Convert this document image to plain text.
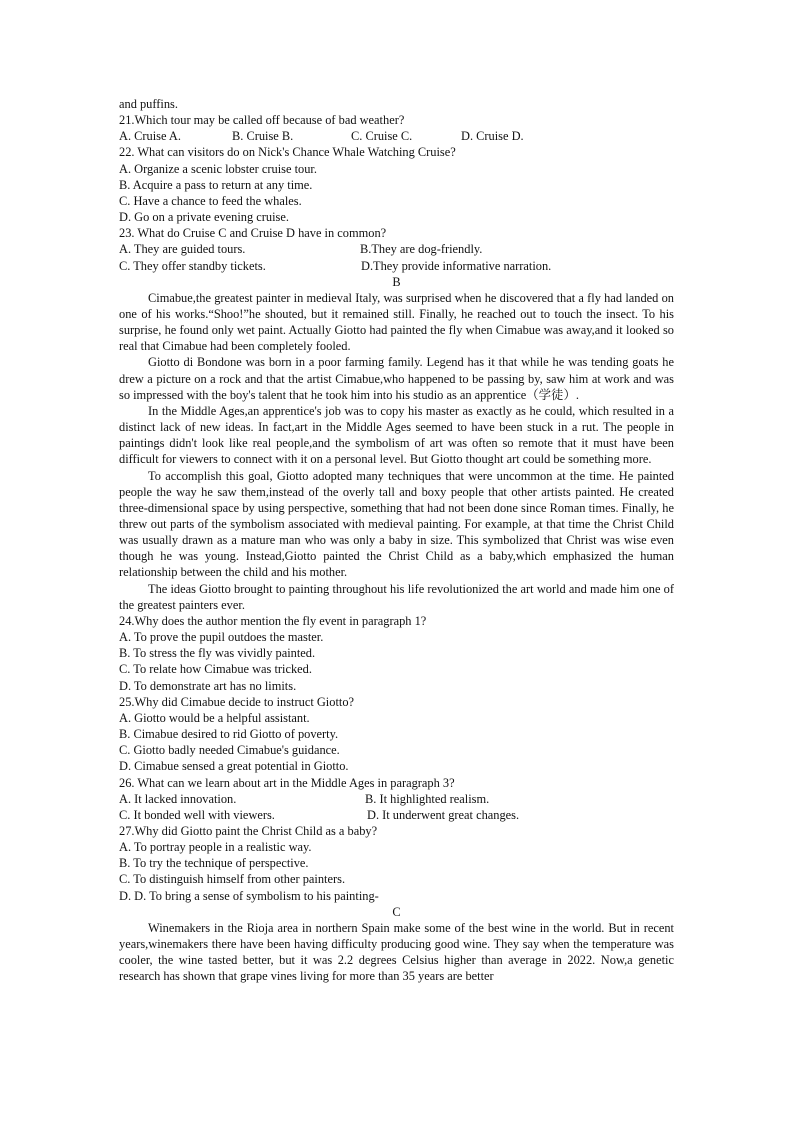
and puffins.
21.Which tour may be called off because of bad weather?
A. Cruise A.	B. Cruise B.	C. Cruise C.	D. Cruise D.
22. What can visitors do on Nick's Chance Whale Watching Cruise?
A. Organize a scenic lobster cruise tour.
B. Acquire a pass to return at any time.
C. Have a chance to feed the whales.
D. Go on a private evening cruise.
23. What do Cruise C and Cruise D have in common?
A. They are guided tours.	B.They are dog-friendly.
C. They offer standby tickets.	D.They provide informative narration.
B

Cimabue,the greatest painter in medieval Italy, was surprised when he discovered that a fly had landed on one of his works.“Shoo!”he shouted, but it remained still. Finally, he reached out to touch the insect. To his surprise, he found only wet paint. Actually Giotto had painted the fly when Cimabue was away,and it looked so real that Cimabue had been completely fooled.

Giotto di Bondone was born in a poor farming family. Legend has it that while he was tending goats he drew a picture on a rock and that the artist Cimabue,who happened to be passing by, saw him at work and was so impressed with the boy's talent that he took him into his studio as an apprentice（学徒）.

In the Middle Ages,an apprentice's job was to copy his master as exactly as he could, which resulted in a distinct lack of new ideas. In fact,art in the Middle Ages seemed to have been stuck in a rut. The people in paintings didn't look like real people,and the symbolism of art was often so remote that it must have been difficult for viewers to connect with it on a personal level. But Giotto thought art could be something more.

To accomplish this goal, Giotto adopted many techniques that were uncommon at the time. He painted people the way he saw them,instead of the overly tall and boxy people that other artists painted. He created three-dimensional space by using perspective, something that had not been done since Roman times. Finally, he threw out parts of the symbolism associated with medieval painting. For example, at that time the Christ Child was usually drawn as a mature man who was only a baby in size. This symbolized that Christ was wise even though he was young. Instead,Giotto painted the Christ Child as a baby,which emphasized the human relationship between the child and his mother.

The ideas Giotto brought to painting throughout his life revolutionized the art world and made him one of the greatest painters ever.

24.Why does the author mention the fly event in paragraph 1?
A. To prove the pupil outdoes the master.
B. To stress the fly was vividly painted.
C. To relate how Cimabue was tricked.
D. To demonstrate art has no limits.
25.Why did Cimabue decide to instruct Giotto?
A. Giotto would be a helpful assistant.
B. Cimabue desired to rid Giotto of poverty.
C. Giotto badly needed Cimabue's guidance.
D. Cimabue sensed a great potential in Giotto.
26. What can we learn about art in the Middle Ages in paragraph 3?
A. It lacked innovation.	B. It highlighted realism.
C. It bonded well with viewers.	D. It underwent great changes.
27.Why did Giotto paint the Christ Child as a baby?
A. To portray people in a realistic way.
B. To try the technique of perspective.
C. To distinguish himself from other painters.
D. D. To bring a sense of symbolism to his painting-
C

Winemakers in the Rioja area in northern Spain make some of the best wine in the world. But in recent years,winemakers there have been having difficulty producing good wine. They say when the temperature was cooler, the wine tasted better, but it was 2.2 degrees Celsius higher than average in 2022. Now,a genetic research has shown that grape vines living for more than 35 years are better
